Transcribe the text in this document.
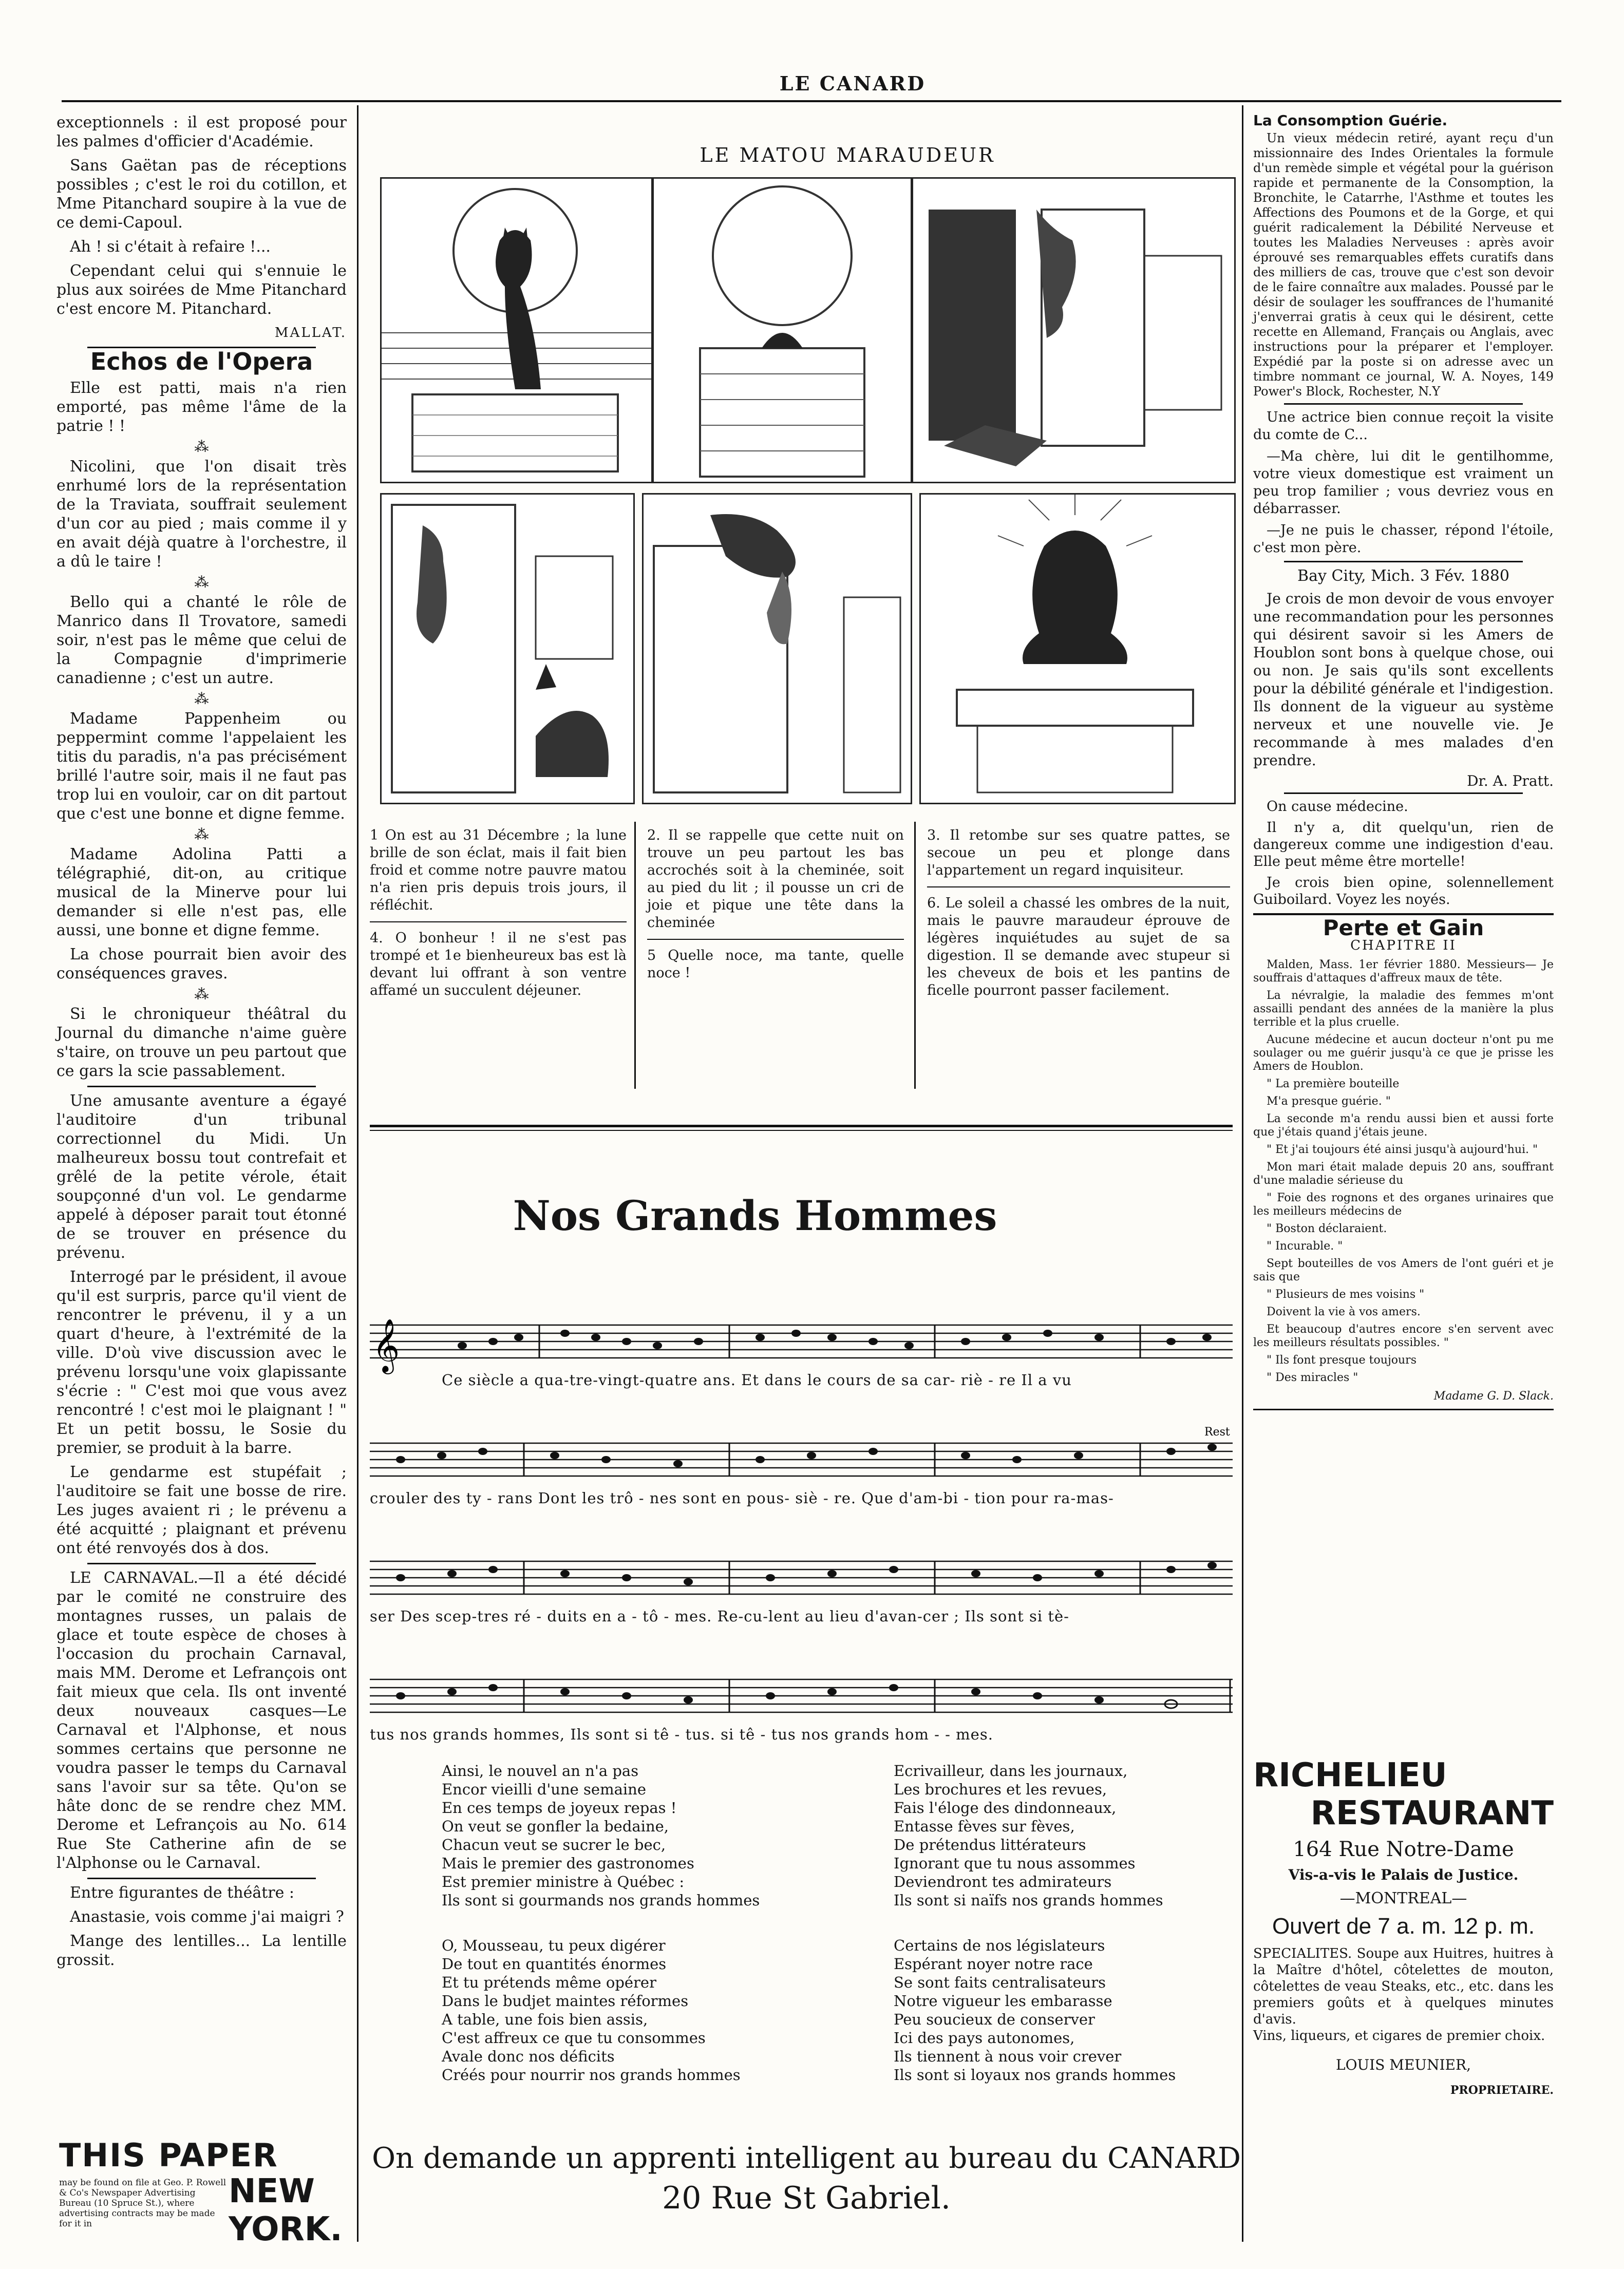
LE CANARD

exceptionnels : il est proposé pour les palmes d'officier d'Académie.

Sans Gaëtan pas de réceptions possibles ; c'est le roi du cotillon, et Mme Pitanchard soupire à la vue de ce demi-Capoul.

Ah ! si c'était à refaire !...

Cependant celui qui s'ennuie le plus aux soirées de Mme Pitanchard c'est encore M. Pitanchard.

MALLAT.
Echos de l'Opera

Elle est patti, mais n'a rien emporté, pas même l'âme de la patrie ! !

⁂

Nicolini, que l'on disait très enrhumé lors de la représentation de la Traviata, souffrait seulement d'un cor au pied ; mais comme il y en avait déjà quatre à l'orchestre, il a dû le taire !

⁂

Bello qui a chanté le rôle de Manrico dans Il Trovatore, samedi soir, n'est pas le même que celui de la Compagnie d'imprimerie canadienne ; c'est un autre.

⁂

Madame Pappenheim ou peppermint comme l'appelaient les titis du paradis, n'a pas précisément brillé l'autre soir, mais il ne faut pas trop lui en vouloir, car on dit partout que c'est une bonne et digne femme.

⁂

Madame Adolina Patti a télégraphié, dit-on, au critique musical de la Minerve pour lui demander si elle n'est pas, elle aussi, une bonne et digne femme.

La chose pourrait bien avoir des conséquences graves.

⁂

Si le chroniqueur théâtral du Journal du dimanche n'aime guère s'taire, on trouve un peu partout que ce gars la scie passablement.

Une amusante aventure a égayé l'auditoire d'un tribunal correctionnel du Midi. Un malheureux bossu tout contrefait et grêlé de la petite vérole, était soupçonné d'un vol. Le gendarme appelé à déposer parait tout étonné de se trouver en présence du prévenu.

Interrogé par le président, il avoue qu'il est surpris, parce qu'il vient de rencontrer le prévenu, il y a un quart d'heure, à l'extrémité de la ville. D'où vive discussion avec le prévenu lorsqu'une voix glapissante s'écrie : " C'est moi que vous avez rencontré ! c'est moi le plaignant ! " Et un petit bossu, le Sosie du premier, se produit à la barre.

Le gendarme est stupéfait ; l'auditoire se fait une bosse de rire. Les juges avaient ri ; le prévenu a été acquitté ; plaignant et prévenu ont été renvoyés dos à dos.

LE CARNAVAL.—Il a été décidé par le comité ne construire des montagnes russes, un palais de glace et toute espèce de choses à l'occasion du prochain Carnaval, mais MM. Derome et Lefrançois ont fait mieux que cela. Ils ont inventé deux nouveaux casques—Le Carnaval et l'Alphonse, et nous sommes certains que personne ne voudra passer le temps du Carnaval sans l'avoir sur sa tête. Qu'on se hâte donc de se rendre chez MM. Derome et Lefrançois au No. 614 Rue Ste Catherine afin de se l'Alphonse ou le Carnaval.

Entre figurantes de théâtre :

Anastasie, vois comme j'ai maigri ?

Mange des lentilles... La lentille grossit.

THIS PAPER
may be found on file at Geo. P. Rowell & Co's Newspaper Advertising Bureau (10 Spruce St.), where advertising contracts may be made for it in
NEW YORK.
LE MATOU MARAUDEUR

1 On est au 31 Décembre ; la lune brille de son éclat, mais il fait bien froid et comme notre pauvre matou n'a rien pris depuis trois jours, il réfléchit.

4. O bonheur ! il ne s'est pas trompé et 1e bienheureux bas est là devant lui offrant à son ventre affamé un succulent déjeuner.

2. Il se rappelle que cette nuit on trouve un peu partout les bas accrochés soit à la cheminée, soit au pied du lit ; il pousse un cri de joie et pique une tête dans la cheminée

5 Quelle noce, ma tante, quelle noce !

3. Il retombe sur ses quatre pattes, se secoue un peu et plonge dans l'appartement un regard inquisiteur.

6. Le soleil a chassé les ombres de la nuit, mais le pauvre maraudeur éprouve de légères inquiétudes au sujet de sa digestion. Il se demande avec stupeur si les cheveux de bois et les pantins de ficelle pourront passer facilement.

Nos Grands Hommes
𝄞
Rest
Ce siècle a qua-tre-vingt-quatre ans. Et dans le cours de sa car- riè - re Il a vu
crouler des ty - rans Dont les trô - nes sont en pous- siè - re. Que d'am-bi - tion pour ra-mas-
ser Des scep-tres ré - duits en a - tô - mes. Re-cu-lent au lieu d'avan-cer ; Ils sont si tè-
tus nos grands hommes, Ils sont si tê - tus. si tê - tus nos grands hom - - mes.
Ainsi, le nouvel an n'a pas
Encor vieilli d'une semaine
En ces temps de joyeux repas !
On veut se gonfler la bedaine,
Chacun veut se sucrer le bec,
Mais le premier des gastronomes
Est premier ministre à Québec :
Ils sont si gourmands nos grands hommes
Ecrivailleur, dans les journaux,
Les brochures et les revues,
Fais l'éloge des dindonneaux,
Entasse fèves sur fèves,
De prétendus littérateurs
Ignorant que tu nous assommes
Deviendront tes admirateurs
Ils sont si naïfs nos grands hommes
O, Mousseau, tu peux digérer
De tout en quantités énormes
Et tu prétends même opérer
Dans le budjet maintes réformes
A table, une fois bien assis,
C'est affreux ce que tu consommes
Avale donc nos déficits
Créés pour nourrir nos grands hommes
Certains de nos législateurs
Espérant noyer notre race
Se sont faits centralisateurs
Notre vigueur les embarasse
Peu soucieux de conserver
Ici des pays autonomes,
Ils tiennent à nous voir crever
Ils sont si loyaux nos grands hommes
On demande un apprenti intelligent au bureau du CANARD
20 Rue St Gabriel.
La Consomption Guérie.

Un vieux médecin retiré, ayant reçu d'un missionnaire des Indes Orientales la formule d'un remède simple et végétal pour la guérison rapide et permanente de la Consomption, la Bronchite, le Catarrhe, l'Asthme et toutes les Affections des Poumons et de la Gorge, et qui guérit radicalement la Débilité Nerveuse et toutes les Maladies Nerveuses : après avoir éprouvé ses remarquables effets curatifs dans des milliers de cas, trouve que c'est son devoir de le faire connaître aux malades. Poussé par le désir de soulager les souffrances de l'humanité j'enverrai gratis à ceux qui le désirent, cette recette en Allemand, Français ou Anglais, avec instructions pour la préparer et l'employer. Expédié par la poste si on adresse avec un timbre nommant ce journal, W. A. Noyes, 149 Power's Block, Rochester, N.Y

Une actrice bien connue reçoit la visite du comte de C...

—Ma chère, lui dit le gentilhomme, votre vieux domestique est vraiment un peu trop familier ; vous devriez vous en débarrasser.

—Je ne puis le chasser, répond l'étoile, c'est mon père.

Bay City, Mich. 3 Fév. 1880

Je crois de mon devoir de vous envoyer une recommandation pour les personnes qui désirent savoir si les Amers de Houblon sont bons à quelque chose, oui ou non. Je sais qu'ils sont excellents pour la débilité générale et l'indigestion. Ils donnent de la vigueur au système nerveux et une nouvelle vie. Je recommande à mes malades d'en prendre.

Dr. A. Pratt.

On cause médecine.

Il n'y a, dit quelqu'un, rien de dangereux comme une indigestion d'eau. Elle peut même être mortelle!

Je crois bien opine, solennellement Guiboilard. Voyez les noyés.

Perte et Gain
CHAPITRE II

Malden, Mass. 1er février 1880. Messieurs— Je souffrais d'attaques d'affreux maux de tête.

La névralgie, la maladie des femmes m'ont assailli pendant des années de la manière la plus terrible et la plus cruelle.

Aucune médecine et aucun docteur n'ont pu me soulager ou me guérir jusqu'à ce que je prisse les Amers de Houblon.

" La première bouteille

M'a presque guérie. "

La seconde m'a rendu aussi bien et aussi forte que j'étais quand j'étais jeune.

" Et j'ai toujours été ainsi jusqu'à aujourd'hui. "

Mon mari était malade depuis 20 ans, souffrant d'une maladie sérieuse du

" Foie des rognons et des organes urinaires que les meilleurs médecins de

" Boston déclaraient.

" Incurable. "

Sept bouteilles de vos Amers de l'ont guéri et je sais que

" Plusieurs de mes voisins "

Doivent la vie à vos amers.

Et beaucoup d'autres encore s'en servent avec les meilleurs résultats possibles. "

" Ils font presque toujours

" Des miracles "

Madame G. D. Slack.
RICHELIEU
RESTAURANT
164 Rue Notre-Dame
Vis-a-vis le Palais de Justice.
—MONTREAL—
Ouvert de 7 a. m. 12 p. m.
SPECIALITES. Soupe aux Huitres, huitres à la Maître d'hôtel, côtelettes de mouton, côtelettes de veau Steaks, etc., etc. dans les premiers goûts et à quelques minutes d'avis.
Vins, liqueurs, et cigares de premier choix.
LOUIS MEUNIER,
PROPRIETAIRE.
